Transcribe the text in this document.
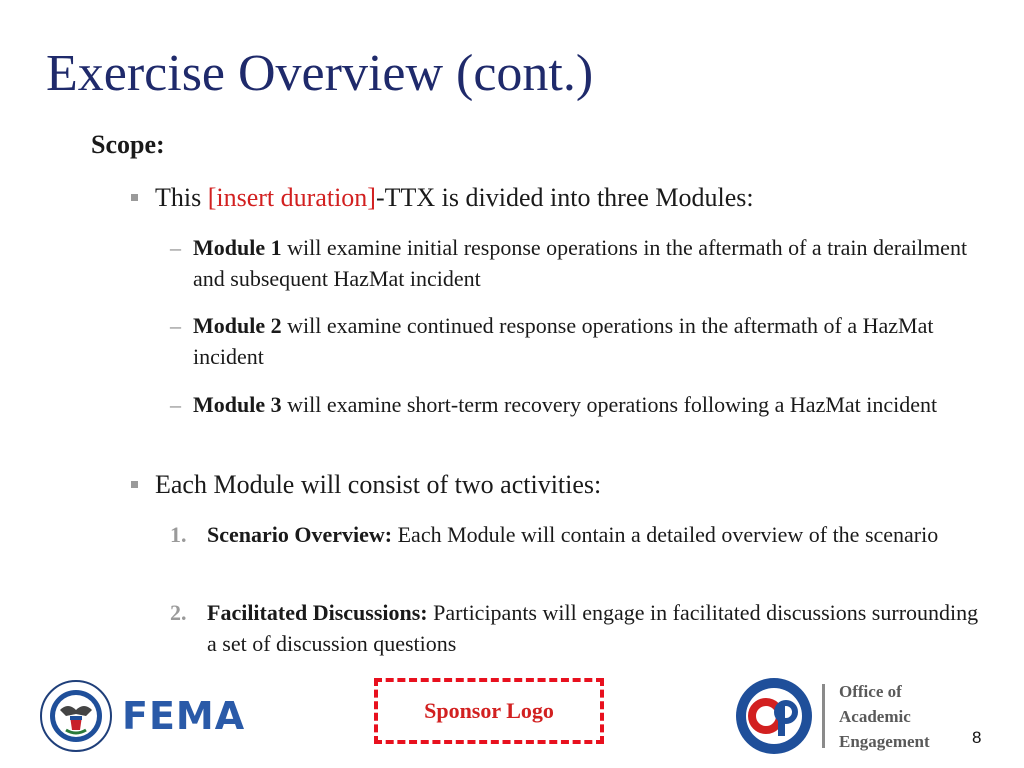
Exercise Overview (cont.)
Scope:
This [insert duration]-TTX is divided into three Modules:
– Module 1 will examine initial response operations in the aftermath of a train derailment and subsequent HazMat incident
– Module 2 will examine continued response operations in the aftermath of a HazMat incident
– Module 3 will examine short-term recovery operations following a HazMat incident
Each Module will consist of two activities:
1. Scenario Overview: Each Module will contain a detailed overview of the scenario
2. Facilitated Discussions: Participants will engage in facilitated discussions surrounding a set of discussion questions
FEMA	Sponsor Logo
Office of
Academic
Engagement 8
